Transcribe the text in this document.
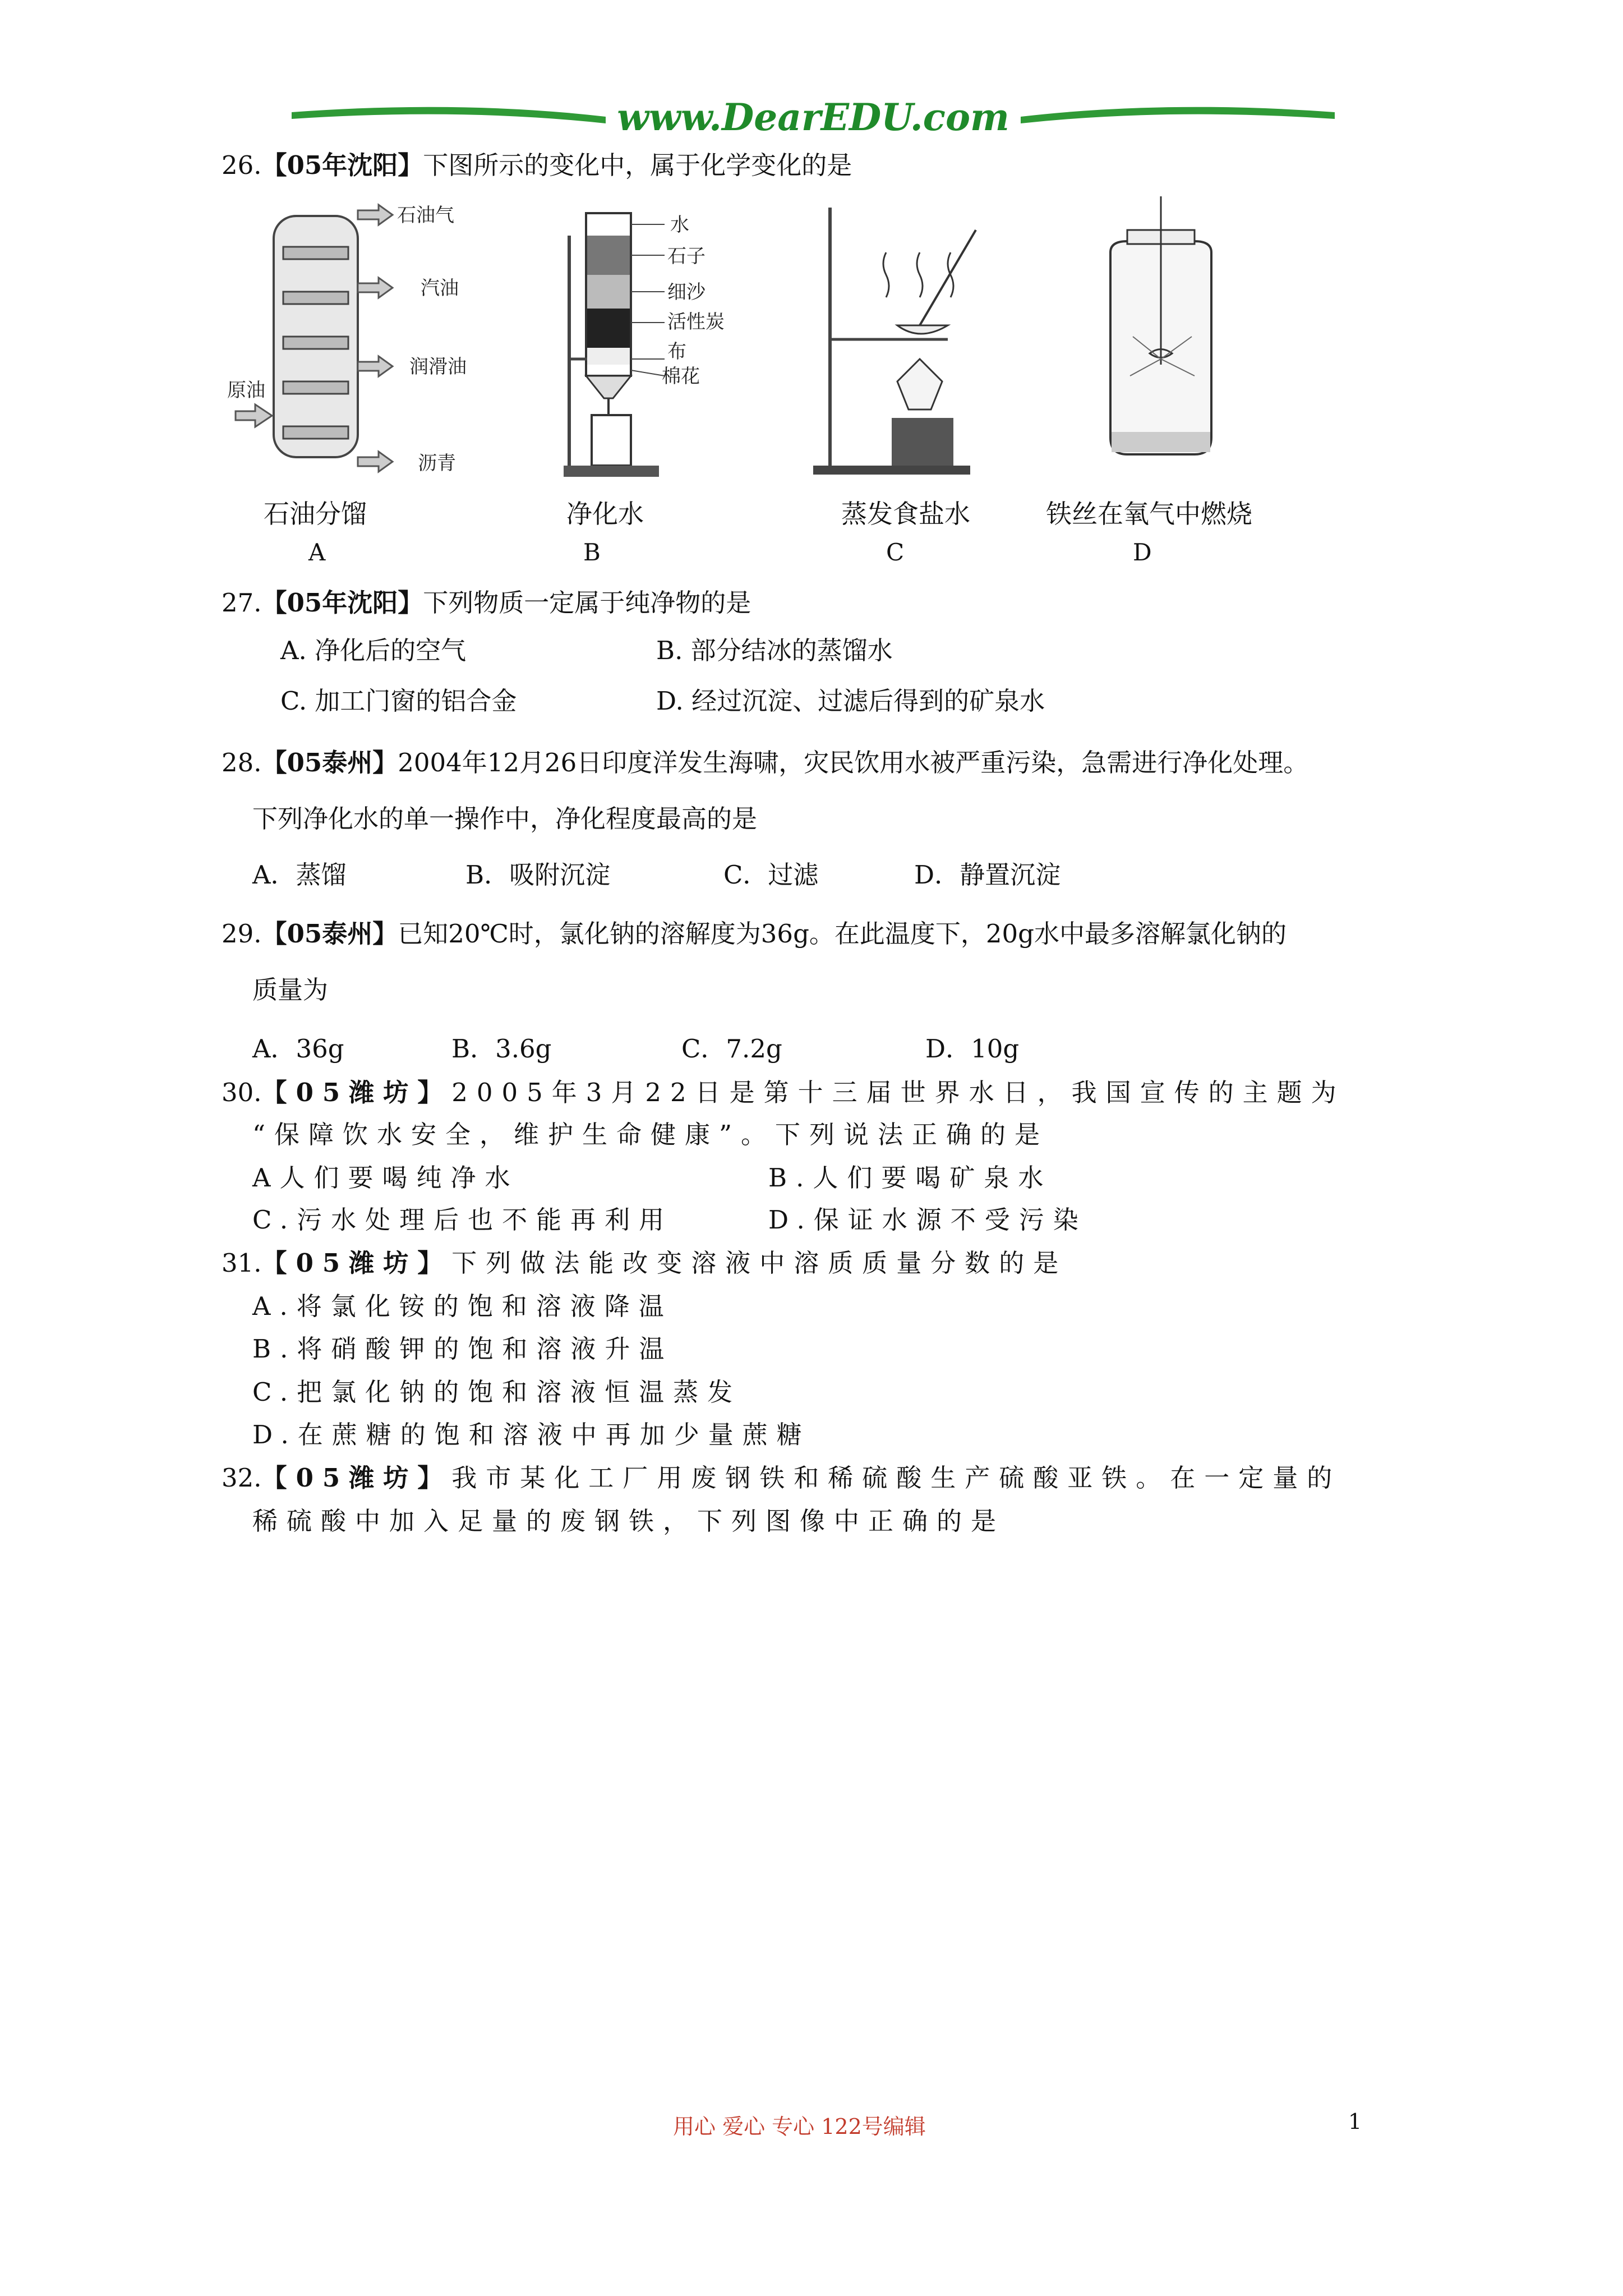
www.DearEDU.com
26.【05年沈阳】下图所示的变化中，属于化学变化的是
石油气
汽油
润滑油
原油
沥青
水
石子
细沙
活性炭
布
棉花
石油分馏	净化水	蒸发食盐水	铁丝在氧气中燃烧
A	B	C	D
27.【05年沈阳】下列物质一定属于纯净物的是
A. 净化后的空气	B. 部分结冰的蒸馏水
C. 加工门窗的铝合金	D. 经过沉淀、过滤后得到的矿泉水
28.【05泰州】2004年12月26日印度洋发生海啸，灾民饮用水被严重污染，急需进行净化处理。
下列净化水的单一操作中，净化程度最高的是
A．蒸馏	B．吸附沉淀	C．过滤	D．静置沉淀
29.【05泰州】已知20℃时，氯化钠的溶解度为36g。在此温度下，20g水中最多溶解氯化钠的
质量为
A．36g	B．3.6g	C．7.2g	D．10g
30.【05潍坊】2005年3月22日是第十三届世界水日，我国宣传的主题为
“保障饮水安全，维护生命健康”。下列说法正确的是
A人们要喝纯净水	B.人们要喝矿泉水
C.污水处理后也不能再利用	D.保证水源不受污染
31.【05潍坊】下列做法能改变溶液中溶质质量分数的是
A.将氯化铵的饱和溶液降温
B.将硝酸钾的饱和溶液升温
C.把氯化钠的饱和溶液恒温蒸发
D.在蔗糖的饱和溶液中再加少量蔗糖
32.【05潍坊】我市某化工厂用废钢铁和稀硫酸生产硫酸亚铁。在一定量的
稀硫酸中加入足量的废钢铁，下列图像中正确的是
用心 爱心 专心 122号编辑	1
